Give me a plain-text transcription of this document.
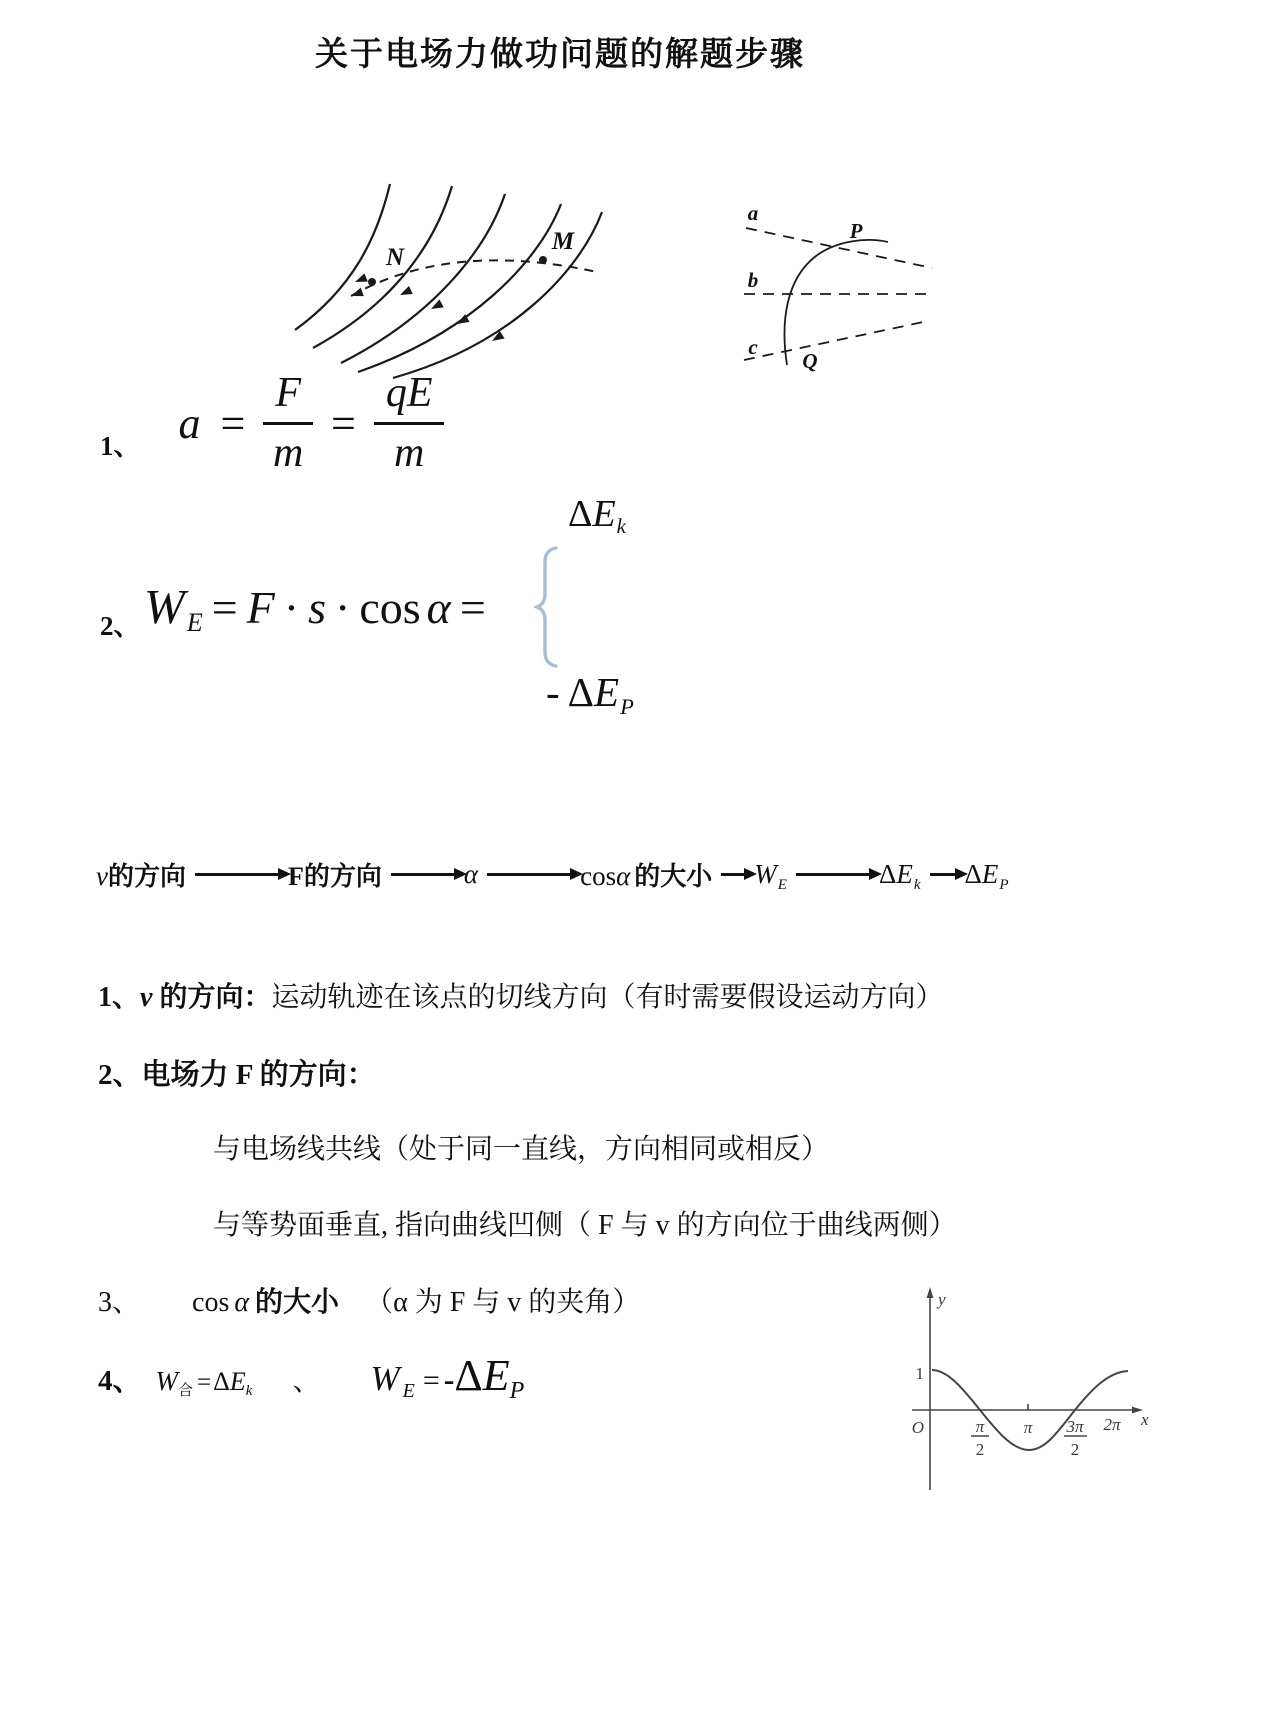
关于电场力做功问题的解题步骤
N
M
a
b
c
P
Q
1、 $a = \frac{F}{m} = \frac{qE}{m}$
2、 W E = F · s · cos α =
ΔEk
- ΔEP
v的方向	F的方向	α	cosα 的大小 WE	ΔEk ΔEP
1、v 的方向：运动轨迹在该点的切线方向（有时需要假设运动方向）
2、电场力 F 的方向：
与电场线共线（处于同一直线，方向相同或相反）
与等势面垂直, 指向曲线凹侧（ F 与 v 的方向位于曲线两侧）
3、 cos α 的大小 （α 为 F 与 v 的夹角）
4、 W 合 = Δ E k 、 W E = - Δ E P
y
1
O	π
2
π 3π
2
2π x
